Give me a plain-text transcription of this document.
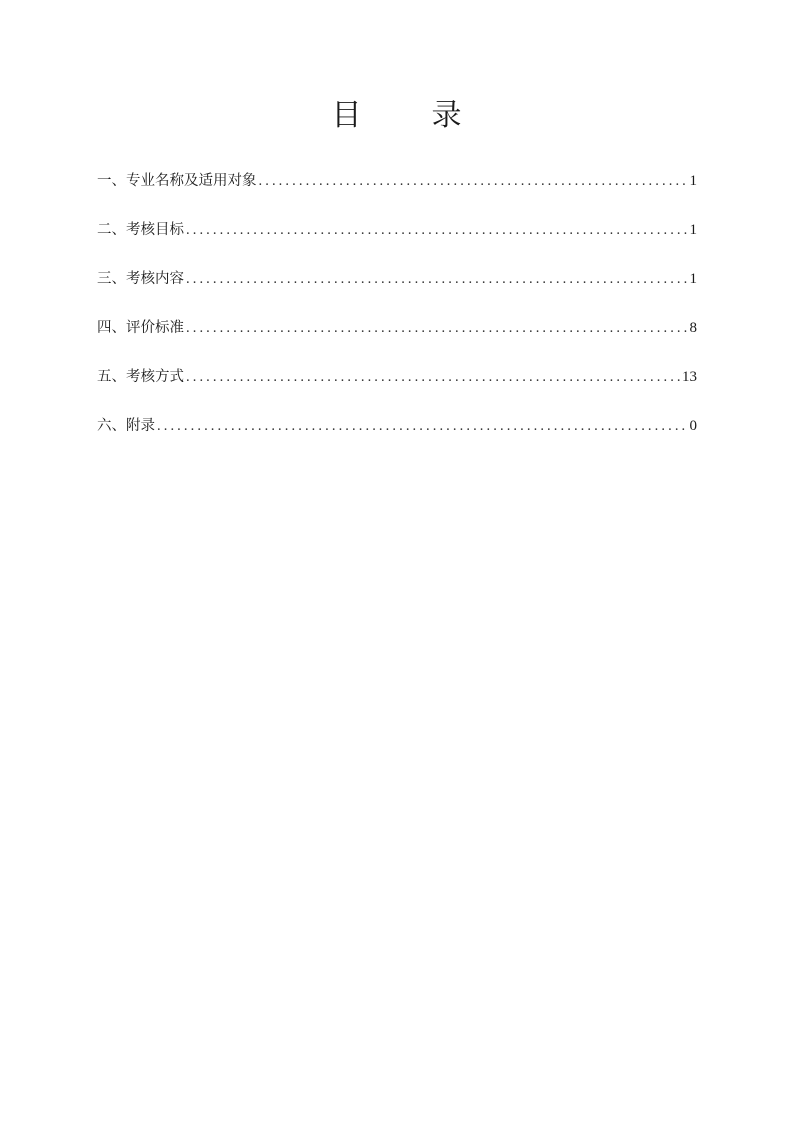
目　录
一、专业名称及适用对象 .....	1
二、考核目标 .....	1
三、考核内容 .....	1
四、评价标准 .....	8
五、考核方式 .....	13
六、附录 .....	0
